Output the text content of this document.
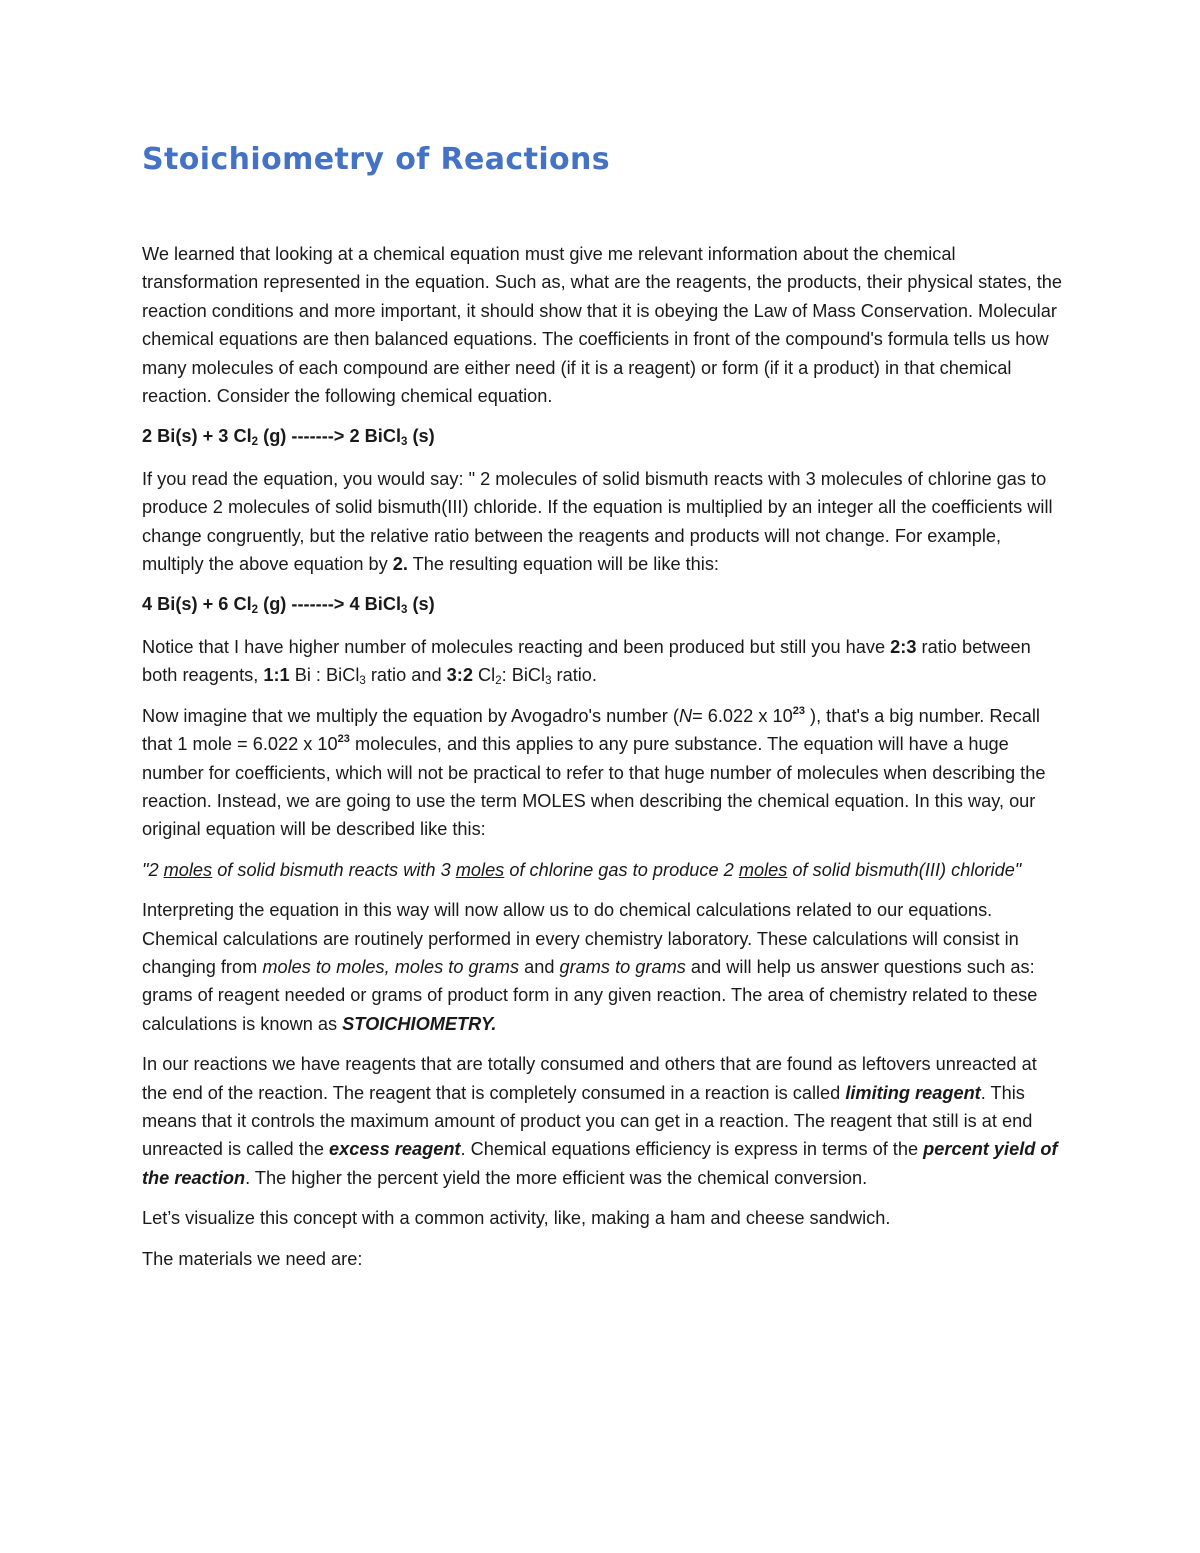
Stoichiometry of Reactions

We learned that looking at a chemical equation must give me relevant information about the chemical transformation represented in the equation. Such as, what are the reagents, the products, their physical states, the reaction conditions and more important, it should show that it is obeying the Law of Mass Conservation. Molecular chemical equations are then balanced equations. The coefficients in front of the compound's formula tells us how many molecules of each compound are either need (if it is a reagent) or form (if it a product) in that chemical reaction. Consider the following chemical equation.

2 Bi(s) + 3 $Cl_2$ (g) -------> 2 BiCl$_3$ (s)

If you read the equation, you would say: " 2 molecules of solid bismuth reacts with 3 molecules of chlorine gas to produce 2 molecules of solid bismuth(III) chloride. If the equation is multiplied by an integer all the coefficients will change congruently, but the relative ratio between the reagents and products will not change. For example, multiply the above equation by 2. The resulting equation will be like this:

4 Bi(s) + 6 $Cl_2$ (g) -------> 4 BiCl$_3$ (s)

Notice that I have higher number of molecules reacting and been produced but still you have 2:3 ratio between both reagents, 1:1 Bi : BiCl$_3$ ratio and 3:2 $Cl_2$: BiCl$_3$ ratio.

Now imagine that we multiply the equation by Avogadro's number (N= 6.022 x $10^{23}$ ), that's a big number. Recall that 1 mole = 6.022 x $10^{23}$ molecules, and this applies to any pure substance. The equation will have a huge number for coefficients, which will not be practical to refer to that huge number of molecules when describing the reaction. Instead, we are going to use the term MOLES when describing the chemical equation. In this way, our original equation will be described like this:

"2 moles of solid bismuth reacts with 3 moles of chlorine gas to produce 2 moles of solid bismuth(III) chloride"

Interpreting the equation in this way will now allow us to do chemical calculations related to our equations. Chemical calculations are routinely performed in every chemistry laboratory. These calculations will consist in changing from moles to moles, moles to grams and grams to grams and will help us answer questions such as: grams of reagent needed or grams of product form in any given reaction. The area of chemistry related to these calculations is known as STOICHIOMETRY.

In our reactions we have reagents that are totally consumed and others that are found as leftovers unreacted at the end of the reaction. The reagent that is completely consumed in a reaction is called limiting reagent. This means that it controls the maximum amount of product you can get in a reaction. The reagent that still is at end unreacted is called the excess reagent. Chemical equations efficiency is express in terms of the percent yield of the reaction. The higher the percent yield the more efficient was the chemical conversion.

Let’s visualize this concept with a common activity, like, making a ham and cheese sandwich.

The materials we need are:
